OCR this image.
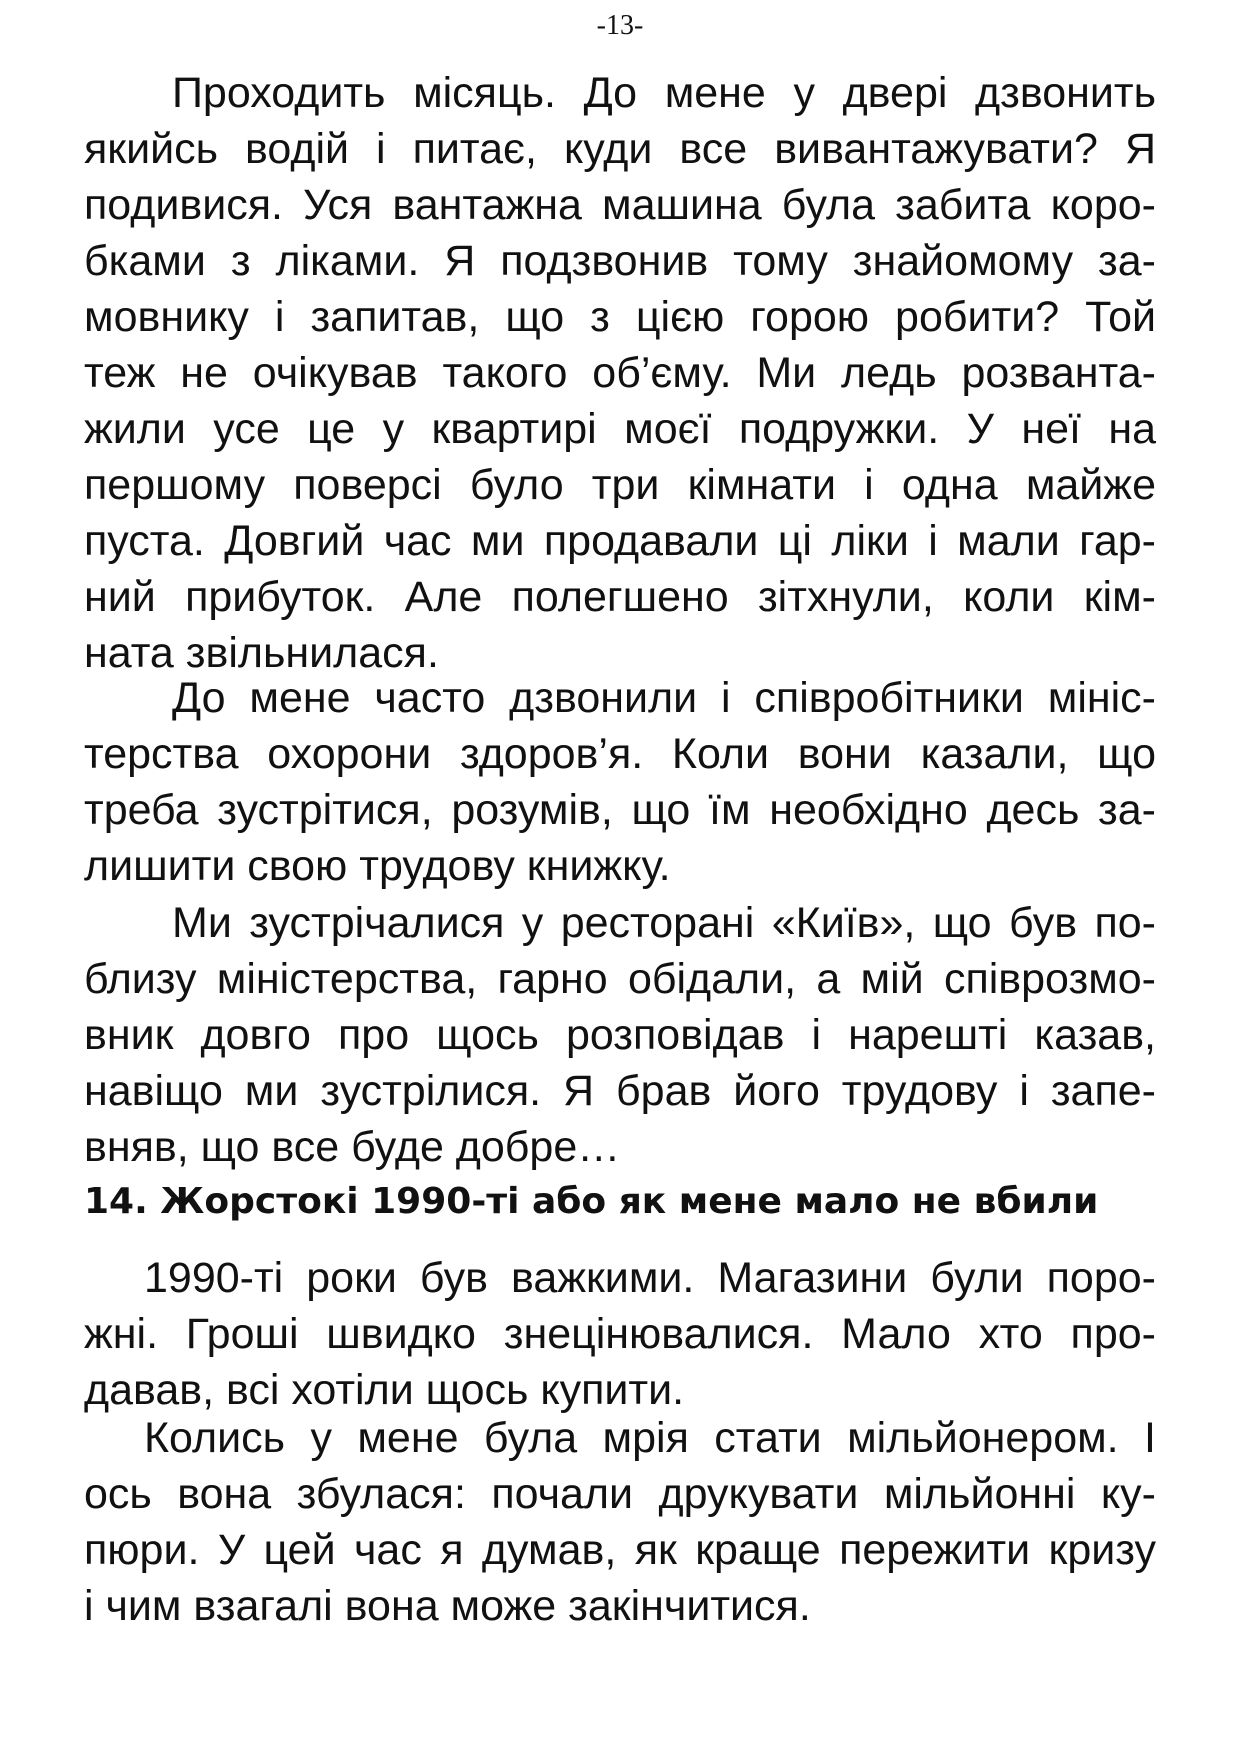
-13-
Проходить місяць. До мене у двері дзвонить
якийсь водій і питає, куди все вивантажувати? Я
подивися. Уся вантажна машина була забита коро-
бками з ліками. Я подзвонив тому знайомому за-
мовнику і запитав, що з цією горою робити? Той
теж не очікував такого об’єму. Ми ледь розванта-
жили усе це у квартирі моєї подружки. У неї на
першому поверсі було три кімнати і одна майже
пуста. Довгий час ми продавали ці ліки і мали гар-
ний прибуток. Але полегшено зітхнули, коли кім-
ната звільнилася.
До мене часто дзвонили і співробітники мініс-
терства охорони здоров’я. Коли вони казали, що
треба зустрітися, розумів, що їм необхідно десь за-
лишити свою трудову книжку.
Ми зустрічалися у ресторані «Київ», що був по-
близу міністерства, гарно обідали, а мій співрозмо-
вник довго про щось розповідав і нарешті казав,
навіщо ми зустрілися. Я брав його трудову і запе-
вняв, що все буде добре…
14. Жорстокі 1990-ті або як мене мало не вбили
1990-ті роки був важкими. Магазини були поро-
жні. Гроші швидко знецінювалися. Мало хто про-
давав, всі хотіли щось купити.
Колись у мене була мрія стати мільйонером. І
ось вона збулася: почали друкувати мільйонні ку-
пюри. У цей час я думав, як краще пережити кризу
і чим взагалі вона може закінчитися.
